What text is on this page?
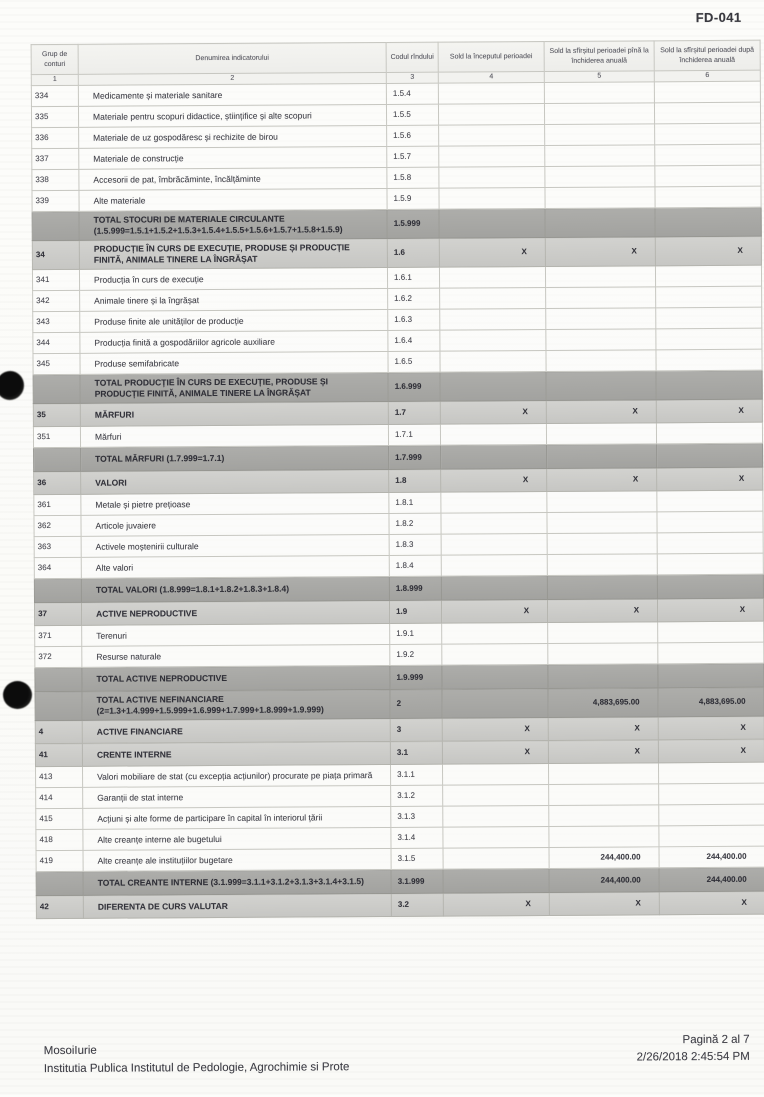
FD-041
Grup de conturi	Denumirea indicatorului	Codul rîndului	Sold la începutul perioadei	Sold la sfîrșitul perioadei pînă la închiderea anuală	Sold la sfîrșitul perioadei după închiderea anuală
1	2	3	4	5	6
334	Medicamente și materiale sanitare	1.5.4			
335	Materiale pentru scopuri didactice, științifice și alte scopuri	1.5.5			
336	Materiale de uz gospodăresc și rechizite de birou	1.5.6			
337	Materiale de construcție	1.5.7			
338	Accesorii de pat, îmbrăcăminte, încălțăminte	1.5.8			
339	Alte materiale	1.5.9			
	TOTAL STOCURI DE MATERIALE CIRCULANTE (1.5.999=1.5.1+1.5.2+1.5.3+1.5.4+1.5.5+1.5.6+1.5.7+1.5.8+1.5.9)	1.5.999			
34	PRODUCȚIE ÎN CURS DE EXECUȚIE, PRODUSE ȘI PRODUCȚIE FINITĂ, ANIMALE TINERE LA ÎNGRĂȘAT	1.6	X	X	X
341	Producția în curs de execuție	1.6.1			
342	Animale tinere și la îngrășat	1.6.2			
343	Produse finite ale unităților de producție	1.6.3			
344	Producția finită a gospodăriilor agricole auxiliare	1.6.4			
345	Produse semifabricate	1.6.5			
	TOTAL PRODUCȚIE ÎN CURS DE EXECUȚIE, PRODUSE ȘI PRODUCȚIE FINITĂ, ANIMALE TINERE LA ÎNGRĂȘAT	1.6.999			
35	MĂRFURI	1.7	X	X	X
351	Mărfuri	1.7.1			
	TOTAL MĂRFURI (1.7.999=1.7.1)	1.7.999			
36	VALORI	1.8	X	X	X
361	Metale și pietre prețioase	1.8.1			
362	Articole juvaiere	1.8.2			
363	Activele moștenirii culturale	1.8.3			
364	Alte valori	1.8.4			
	TOTAL VALORI (1.8.999=1.8.1+1.8.2+1.8.3+1.8.4)	1.8.999			
37	ACTIVE NEPRODUCTIVE	1.9	X	X	X
371	Terenuri	1.9.1			
372	Resurse naturale	1.9.2			
	TOTAL ACTIVE NEPRODUCTIVE	1.9.999			
	TOTAL ACTIVE NEFINANCIARE (2=1.3+1.4.999+1.5.999+1.6.999+1.7.999+1.8.999+1.9.999)	2		4,883,695.00	4,883,695.00
4	ACTIVE FINANCIARE	3	X	X	X
41	CRENTE INTERNE	3.1	X	X	X
413	Valori mobiliare de stat (cu excepția acțiunilor) procurate pe piața primară	3.1.1			
414	Garanții de stat interne	3.1.2			
415	Acțiuni și alte forme de participare în capital în interiorul țării	3.1.3			
418	Alte creanțe interne ale bugetului	3.1.4			
419	Alte creanțe ale instituțiilor bugetare	3.1.5		244,400.00	244,400.00
	TOTAL CREANTE INTERNE (3.1.999=3.1.1+3.1.2+3.1.3+3.1.4+3.1.5)	3.1.999		244,400.00	244,400.00
42	DIFERENTA DE CURS VALUTAR	3.2	X	X	X
MosoiIurie
Institutia Publica Institutul de Pedologie, Agrochimie si Prote
Pagină 2 al 7
2/26/2018 2:45:54 PM
